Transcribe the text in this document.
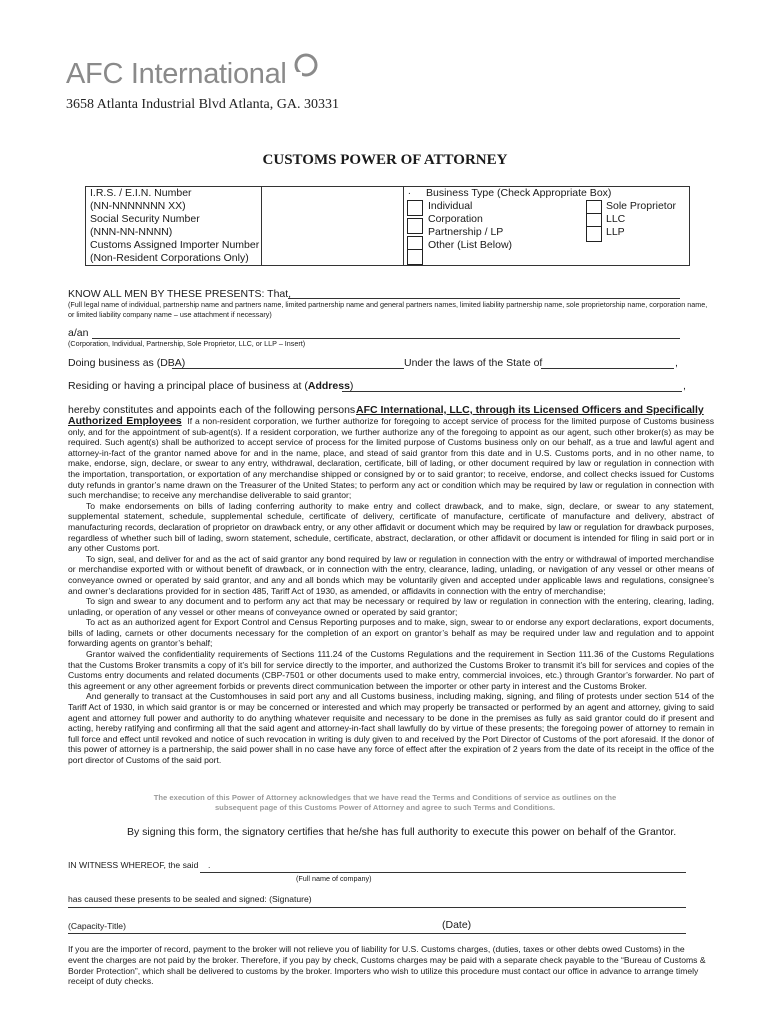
AFC International
3658 Atlanta Industrial Blvd Atlanta, GA. 30331
CUSTOMS POWER OF ATTORNEY
I.R.S. / E.I.N. Number
(NN-NNNNNNN XX)
Social Security Number
(NNN-NN-NNNN)
Customs Assigned Importer Number
(Non-Resident Corporations Only)
. Business Type (Check Appropriate Box)
Individual
Corporation
Partnership / LP
Other (List Below)
Sole Proprietor
LLC
LLP
KNOW ALL MEN BY THESE PRESENTS: That,
(Full legal name of individual, partnership name and partners name, limited partnership name and general partners names, limited liability partnership name, sole proprietorship name, corporation name, or limited liability company name – use attachment if necessary)
a/an
(Corporation, Individual, Partnership, Sole Proprietor, LLC, or LLP – Insert)
Doing business as (DBA)	Under the laws of the State of	,
Residing or having a principal place of business at (Address)	,
hereby constitutes and appoints each of the following persons AFC International, LLC, through its Licensed Officers and Specifically

Authorized Employees If a non-resident corporation, we further authorize for foregoing to accept service of process for the limited purpose of Customs business only, and for the appointment of sub-agent(s). If a resident corporation, we further authorize any of the foregoing to appoint as our agent, such other broker(s) as may be required. Such agent(s) shall be authorized to accept service of process for the limited purpose of Customs business only on our behalf, as a true and lawful agent and attorney-in-fact of the grantor named above for and in the name, place, and stead of said grantor from this date and in U.S. Customs ports, and in no other name, to make, endorse, sign, declare, or swear to any entry, withdrawal, declaration, certificate, bill of lading, or other document required by law or regulation in connection with the importation, transportation, or exportation of any merchandise shipped or consigned by or to said grantor; to receive, endorse, and collect checks issued for Customs duty refunds in grantor’s name drawn on the Treasurer of the United States; to perform any act or condition which may be required by law or regulation in connection with such merchandise; to receive any merchandise deliverable to said grantor;

To make endorsements on bills of lading conferring authority to make entry and collect drawback, and to make, sign, declare, or swear to any statement, supplemental statement, schedule, supplemental schedule, certificate of delivery, certificate of manufacture, certificate of manufacture and delivery, abstract of manufacturing records, declaration of proprietor on drawback entry, or any other affidavit or document which may be required by law or regulation for drawback purposes, regardless of whether such bill of lading, sworn statement, schedule, certificate, abstract, declaration, or other affidavit or document is intended for filing in said port or in any other Customs port.

To sign, seal, and deliver for and as the act of said grantor any bond required by law or regulation in connection with the entry or withdrawal of imported merchandise or merchandise exported with or without benefit of drawback, or in connection with the entry, clearance, lading, unlading, or navigation of any vessel or other means of conveyance owned or operated by said grantor, and any and all bonds which may be voluntarily given and accepted under applicable laws and regulations, consignee’s and owner’s declarations provided for in section 485, Tariff Act of 1930, as amended, or affidavits in connection with the entry of merchandise;

To sign and swear to any document and to perform any act that may be necessary or required by law or regulation in connection with the entering, clearing, lading, unlading, or operation of any vessel or other means of conveyance owned or operated by said grantor;

To act as an authorized agent for Export Control and Census Reporting purposes and to make, sign, swear to or endorse any export declarations, export documents, bills of lading, carnets or other documents necessary for the completion of an export on grantor’s behalf as may be required under law and regulation and to appoint forwarding agents on grantor’s behalf;

Grantor waived the confidentiality requirements of Sections 111.24 of the Customs Regulations and the requirement in Section 111.36 of the Customs Regulations that the Customs Broker transmits a copy of it’s bill for service directly to the importer, and authorized the Customs Broker to transmit it’s bill for services and copies of the Customs entry documents and related documents (CBP-7501 or other documents used to make entry, commercial invoices, etc.) through Grantor’s forwarder. No part of this agreement or any other agreement forbids or prevents direct communication between the importer or other party in interest and the Customs Broker.

And generally to transact at the Customhouses in said port any and all Customs business, including making, signing, and filing of protests under section 514 of the Tariff Act of 1930, in which said grantor is or may be concerned or interested and which may properly be transacted or performed by an agent and attorney, giving to said agent and attorney full power and authority to do anything whatever requisite and necessary to be done in the premises as fully as said grantor could do if present and acting, hereby ratifying and confirming all that the said agent and attorney-in-fact shall lawfully do by virtue of these presents; the foregoing power of attorney to remain in full force and effect until revoked and notice of such revocation in writing is duly given to and received by the Port Director of Customs of the port aforesaid. If the donor of this power of attorney is a partnership, the said power shall in no case have any force of effect after the expiration of 2 years from the date of its receipt in the office of the port director of Customs of the said port.

The execution of this Power of Attorney acknowledges that we have read the Terms and Conditions of service as outlines on the
subsequent page of this Customs Power of Attorney and agree to such Terms and Conditions.
By signing this form, the signatory certifies that he/she has full authority to execute this power on behalf of the Grantor.
IN WITNESS WHEREOF, the said .
(Full name of company)
has caused these presents to be sealed and signed: (Signature)
(Capacity-Title)	(Date)
If you are the importer of record, payment to the broker will not relieve you of liability for U.S. Customs charges, (duties, taxes or other debts owed Customs) in the event the charges are not paid by the broker. Therefore, if you pay by check, Customs charges may be paid with a separate check payable to the “Bureau of Customs & Border Protection”, which shall be delivered to customs by the broker. Importers who wish to utilize this procedure must contact our office in advance to arrange timely receipt of duty checks.
